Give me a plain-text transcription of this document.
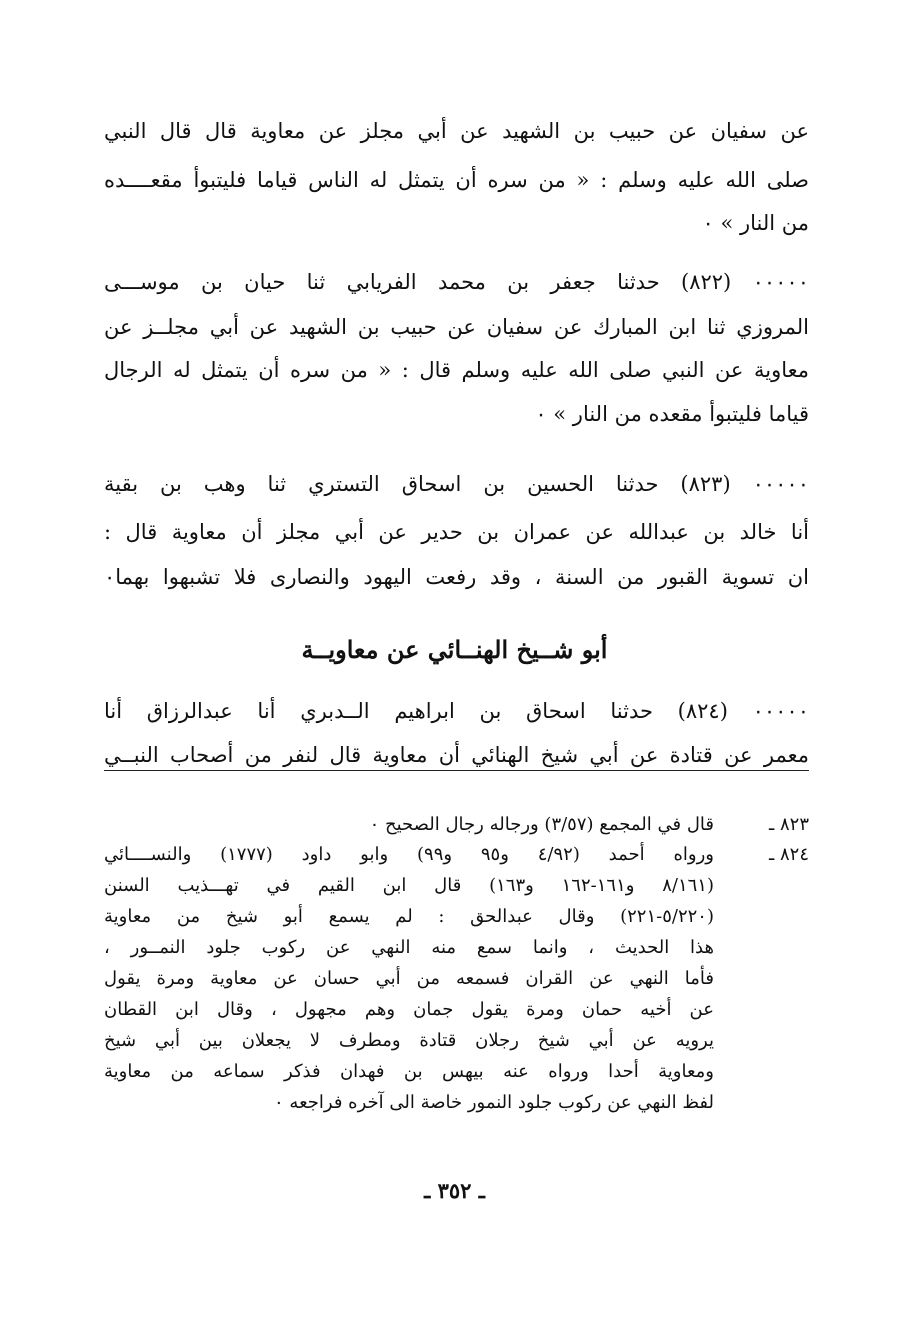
عن سفيان عن حبيب بن الشهيد عن أبي مجلز عن معاوية قال قال النبي
صلى الله عليه وسلم : « من سره أن يتمثل له الناس قياما فليتبوأ مقعــــده
من النار » ٠
٠٠٠٠٠ (٨٢٢) حدثنا جعفر بن محمد الفريابي ثنا حيان بن موســـى
المروزي ثنا ابن المبارك عن سفيان عن حبيب بن الشهيد عن أبي مجلــز عن
معاوية عن النبي صلى الله عليه وسلم قال : « من سره أن يتمثل له الرجال
قياما فليتبوأ مقعده من النار » ٠
٠٠٠٠٠ (٨٢٣) حدثنا الحسين بن اسحاق التستري ثنا وهب بن بقية
أنا خالد بن عبدالله عن عمران بن حدير عن أبي مجلز أن معاوية قال :
ان تسوية القبور من السنة ، وقد رفعت اليهود والنصارى فلا تشبهوا بهما٠
أبو شــيخ الهنــائي عن معاويــة
٠٠٠٠٠ (٨٢٤) حدثنا اسحاق بن ابراهيم الــدبري أنا عبدالرزاق أنا
معمر عن قتادة عن أبي شيخ الهنائي أن معاوية قال لنفر من أصحاب النبــي
٨٢٣ ـ
قال في المجمع (٣/٥٧) ورجاله رجال الصحيح ٠
٨٢٤ ـ
ورواه أحمد (٤/٩٢ و٩٥ و٩٩) وابو داود (١٧٧٧) والنســــائي
(٨/١٦١ و١٦١-١٦٢ و١٦٣) قال ابن القيم في تهـــذيب السنن
(٥/٢٢٠-٢٢١) وقال عبدالحق : لم يسمع أبو شيخ من معاوية
هذا الحديث ، وانما سمع منه النهي عن ركوب جلود النمــور ،
فأما النهي عن القران فسمعه من أبي حسان عن معاوية ومرة يقول
عن أخيه حمان ومرة يقول جمان وهم مجهول ، وقال ابن القطان
يرويه عن أبي شيخ رجلان قتادة ومطرف لا يجعلان بين أبي شيخ
ومعاوية أحدا ورواه عنه بيهس بن فهدان فذكر سماعه من معاوية
لفظ النهي عن ركوب جلود النمور خاصة الى آخره فراجعه ٠
ـ ٣٥٢ ـ
